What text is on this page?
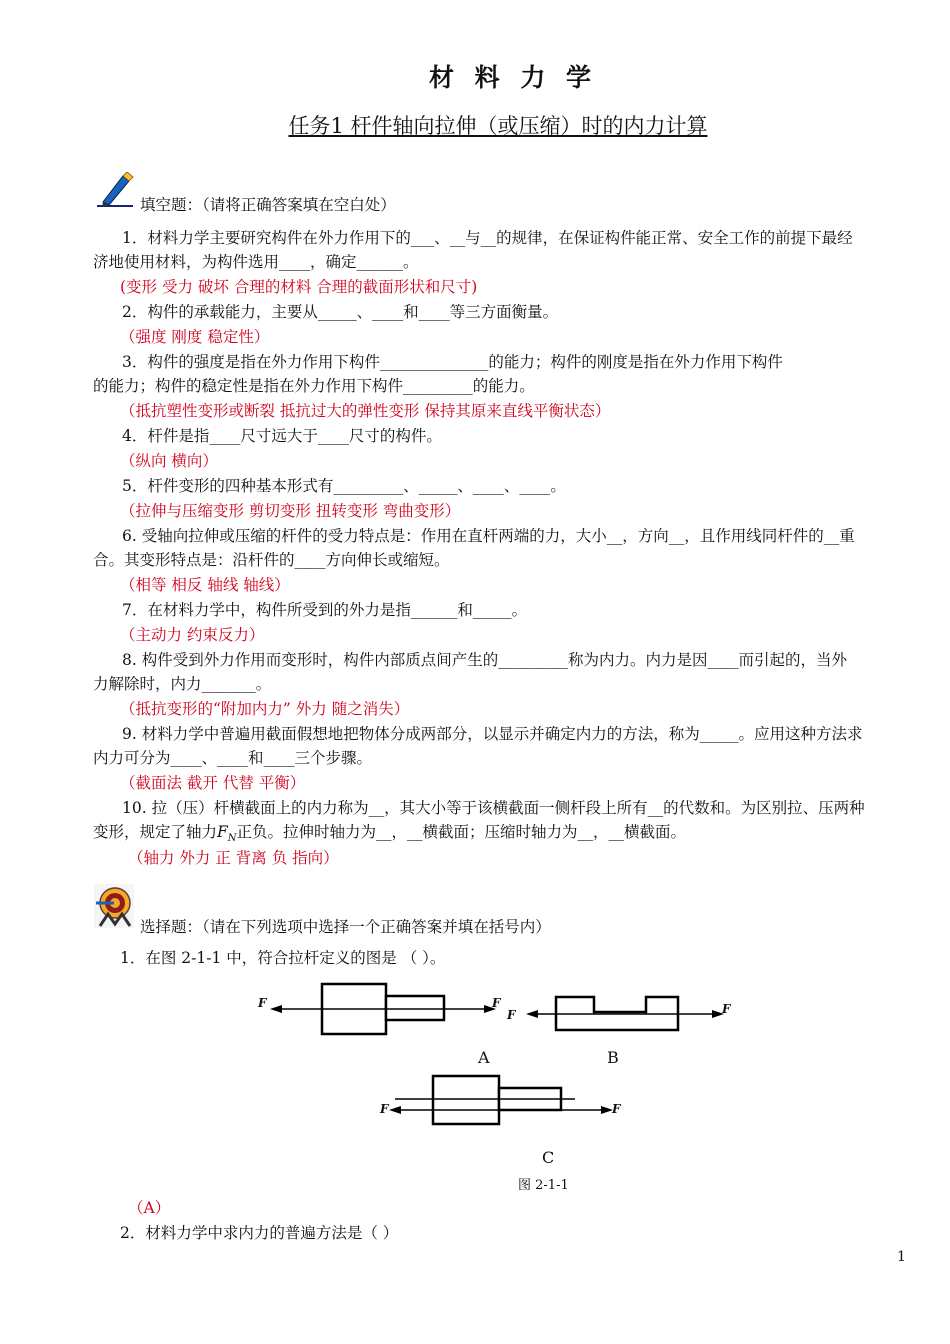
材 料 力 学
任务1 杆件轴向拉伸（或压缩）时的内力计算
填空题：（请将正确答案填在空白处）
1．材料力学主要研究构件在外力作用下的___、__与__的规律，在保证构件能正常、安全工作的前提下最经
济地使用材料，为构件选用____，确定______。
(变形 受力 破坏 合理的材料 合理的截面形状和尺寸)
2．构件的承载能力，主要从_____、____和____等三方面衡量。
（强度 刚度 稳定性）
3．构件的强度是指在外力作用下构件______________的能力；构件的刚度是指在外力作用下构件
的能力；构件的稳定性是指在外力作用下构件_________的能力。
（抵抗塑性变形或断裂 抵抗过大的弹性变形 保持其原来直线平衡状态）
4．杆件是指____尺寸远大于____尺寸的构件。
（纵向 横向）
5．杆件变形的四种基本形式有_________、_____、____、____。
（拉伸与压缩变形 剪切变形 扭转变形 弯曲变形）
6. 受轴向拉伸或压缩的杆件的受力特点是：作用在直杆两端的力，大小__，方向__，且作用线同杆件的__重
合。其变形特点是：沿杆件的____方向伸长或缩短。
（相等 相反 轴线 轴线）
7．在材料力学中，构件所受到的外力是指______和_____。
（主动力 约束反力）
8. 构件受到外力作用而变形时，构件内部质点间产生的_________称为内力。内力是因____而引起的，当外
力解除时，内力_______。
（抵抗变形的“附加内力” 外力 随之消失）
9. 材料力学中普遍用截面假想地把物体分成两部分，以显示并确定内力的方法，称为_____。应用这种方法求
内力可分为____、____和____三个步骤。
（截面法 截开 代替 平衡）
10. 拉（压）杆横截面上的内力称为__，其大小等于该横截面一侧杆段上所有__的代数和。为区别拉、压两种
变形，规定了轴力$F_N$正负。拉伸时轴力为__，__横截面；压缩时轴力为__，__横截面。
（轴力 外力 正 背离 负 指向）
选择题：（请在下列选项中选择一个正确答案并填在括号内）
1．在图 2-1-1 中，符合拉杆定义的图是 （ ）。
F	F
F	F
A	B
F	F
C
图 2-1-1
（A）
2．材料力学中求内力的普遍方法是（ ）
1
